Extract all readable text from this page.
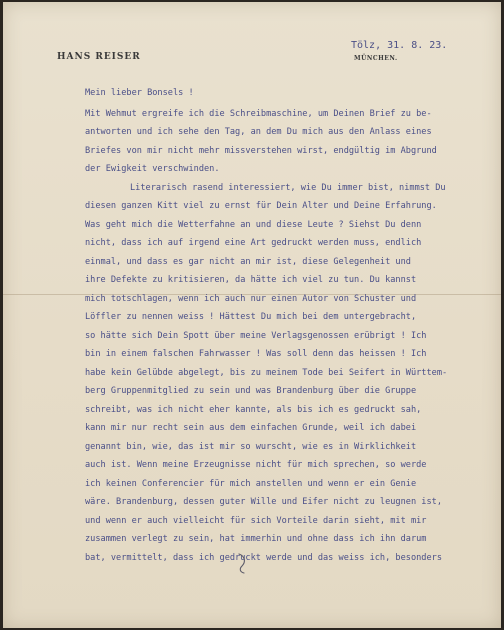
HANS REISER
Tölz, 31. 8. 23.
MÜNCHEN.
Mein lieber Bonsels !
Mit Wehmut ergreife ich die Schreibmaschine, um Deinen Brief zu be-
antworten und ich sehe den Tag, an dem Du mich aus den Anlass eines
Briefes von mir nicht mehr missverstehen wirst, endgültig im Abgrund
der Ewigkeit verschwinden.
Literarisch rasend interessiert, wie Du immer bist, nimmst Du
diesen ganzen Kitt viel zu ernst für Dein Alter und Deine Erfahrung.
Was geht mich die Wetterfahne an und diese Leute ? Siehst Du denn
nicht, dass ich auf irgend eine Art gedruckt werden muss, endlich
einmal, und dass es gar nicht an mir ist, diese Gelegenheit und
ihre Defekte zu kritisieren, da hätte ich viel zu tun. Du kannst
mich totschlagen, wenn ich auch nur einen Autor von Schuster und
Löffler zu nennen weiss ! Hättest Du mich bei dem untergebracht,
so hätte sich Dein Spott über meine Verlagsgenossen erübrigt ! Ich
bin in einem falschen Fahrwasser ! Was soll denn das heissen ! Ich
habe kein Gelübde abgelegt, bis zu meinem Tode bei Seifert in Württem-
berg Gruppenmitglied zu sein und was Brandenburg über die Gruppe
schreibt, was ich nicht eher kannte, als bis ich es gedruckt sah,
kann mir nur recht sein aus dem einfachen Grunde, weil ich dabei
genannt bin, wie, das ist mir so wurscht, wie es in Wirklichkeit
auch ist. Wenn meine Erzeugnisse nicht für mich sprechen, so werde
ich keinen Conferencier für mich anstellen und wenn er ein Genie
wäre. Brandenburg, dessen guter Wille und Eifer nicht zu leugnen ist,
und wenn er auch vielleicht für sich Vorteile darin sieht, mit mir
zusammen verlegt zu sein, hat immerhin und ohne dass ich ihn darum
bat, vermittelt, dass ich gedruckt werde und das weiss ich, besonders
